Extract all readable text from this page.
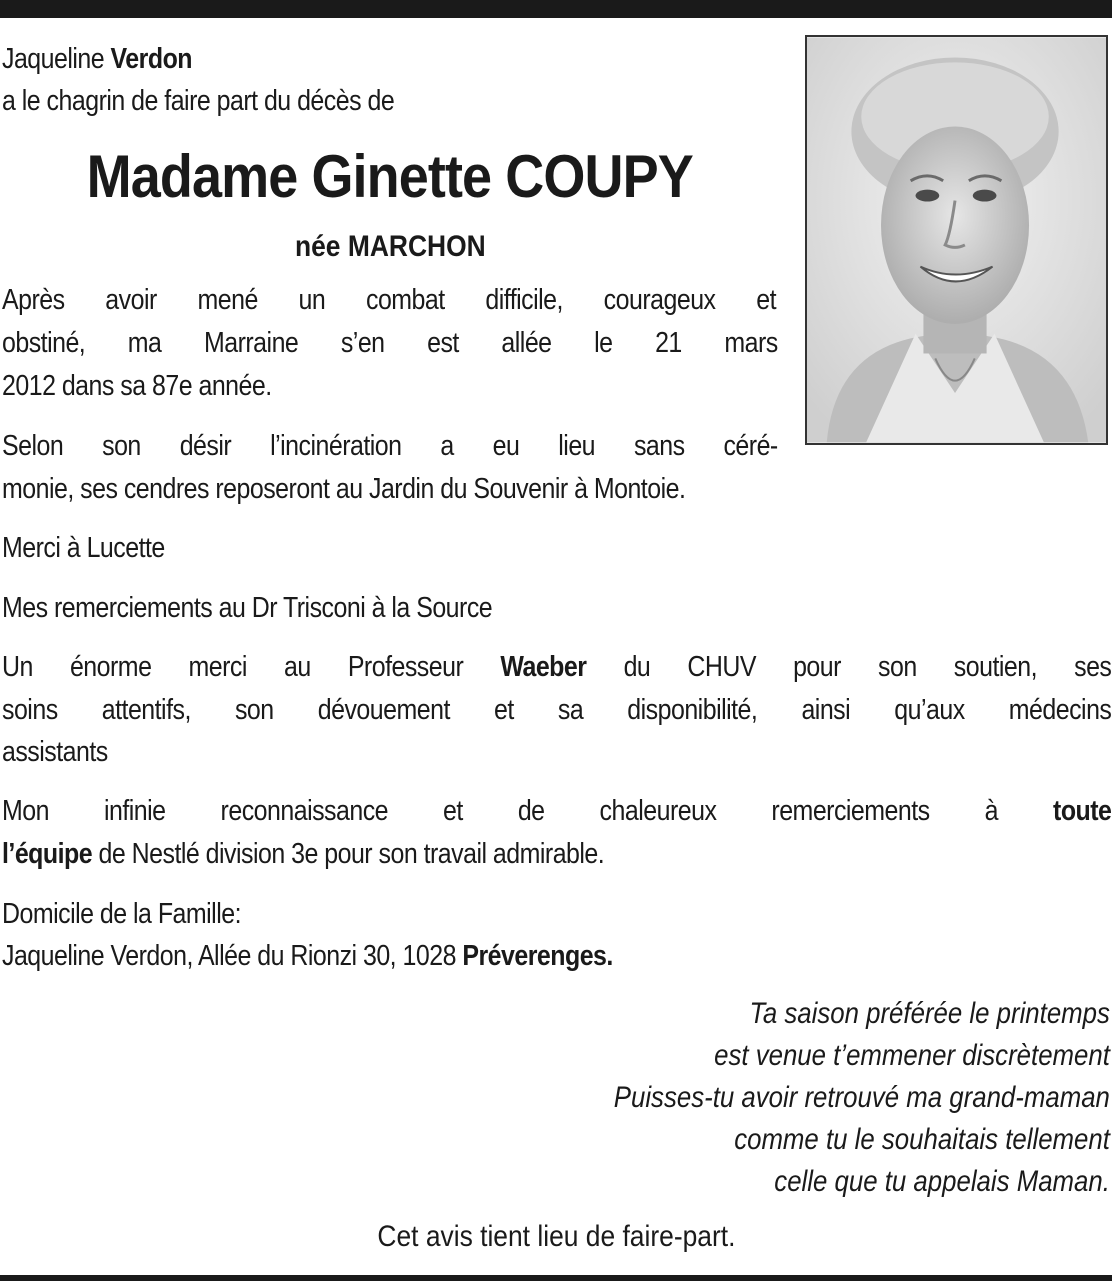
Jaqueline Verdon
a le chagrin de faire part du décès de
Madame Ginette COUPY
née MARCHON
Après avoir mené un combat difficile, courageux et
obstiné, ma Marraine s’en est allée le 21 mars
2012 dans sa 87e année.
Selon son désir l’incinération a eu lieu sans céré-
monie, ses cendres reposeront au Jardin du Souvenir à Montoie.
Merci à Lucette
Mes remerciements au Dr Trisconi à la Source
Un énorme merci au Professeur Waeber du CHUV pour son soutien, ses
soins attentifs, son dévouement et sa disponibilité, ainsi qu’aux médecins
assistants
Mon infinie reconnaissance et de chaleureux remerciements à toute
l’équipe de Nestlé division 3e pour son travail admirable.
Domicile de la Famille:
Jaqueline Verdon, Allée du Rionzi 30, 1028 Préverenges.
Ta saison préférée le printemps
est venue t’emmener discrètement
Puisses-tu avoir retrouvé ma grand-maman
comme tu le souhaitais tellement
celle que tu appelais Maman.
Cet avis tient lieu de faire-part.
